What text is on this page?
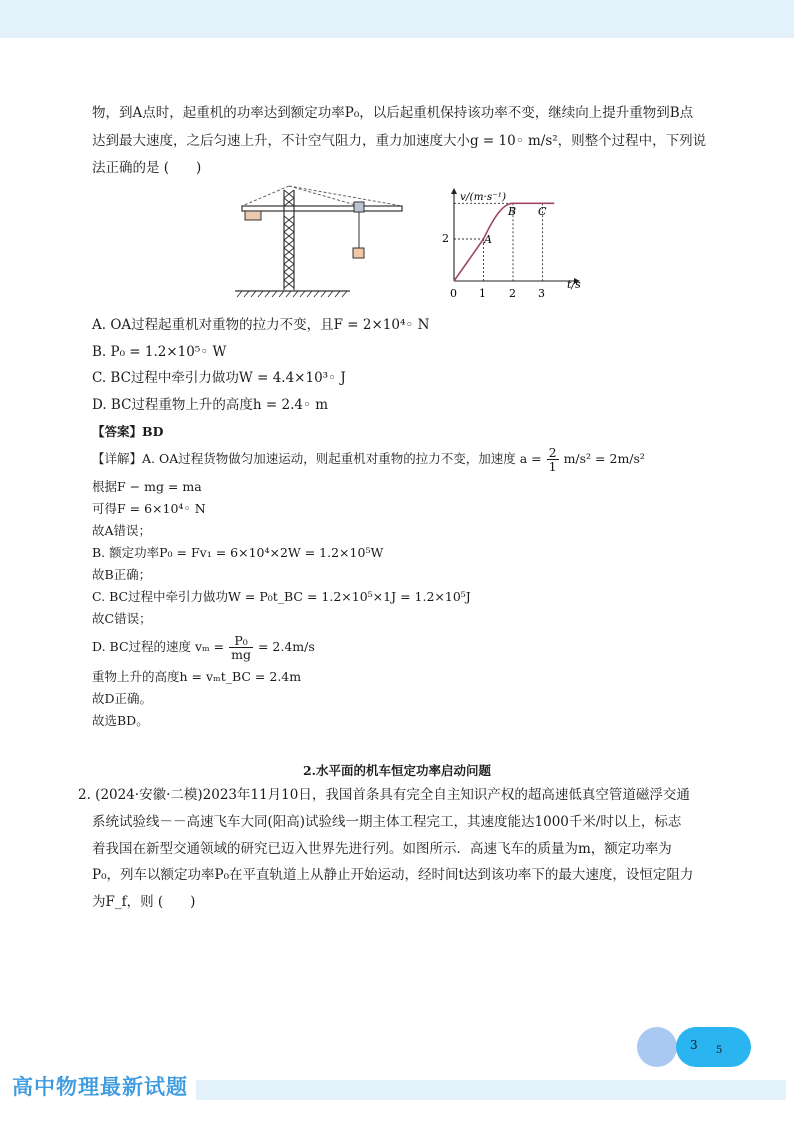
物，到A点时，起重机的功率达到额定功率P₀，以后起重机保持该功率不变，继续向上提升重物到B点
达到最大速度，之后匀速上升，不计空气阻力，重力加速度大小g = 10◦ m/s²，则整个过程中，下列说
法正确的是 (　　)
v/(m·s⁻¹)
t/s
A
B C
2
0 1 2 3
A. OA过程起重机对重物的拉力不变，且F = 2×10⁴◦ N
B. P₀ = 1.2×10⁵◦ W
C. BC过程中牵引力做功W = 4.4×10³◦ J
D. BC过程重物上升的高度h = 2.4◦ m
【答案】BD
【详解】A. OA过程货物做匀加速运动，则起重机对重物的拉力不变，加速度 $a = \frac{2}{1} m/s^2 = 2m/s^2$
根据F − mg = ma
可得F = 6×10⁴◦ N
故A错误；
B. 额定功率P₀ = Fv₁ = 6×10⁴×2W = 1.2×10⁵W
故B正确；
C. BC过程中牵引力做功W = P₀t_BC = 1.2×10⁵×1J = 1.2×10⁵J
故C错误；
D. BC过程的速度 $v_m = \frac{\text{P₀}}{mg} = 2.4m/s$
重物上升的高度h = vₘt_BC = 2.4m
故D正确。
故选BD。
2.水平面的机车恒定功率启动问题
2. (2024·安徽·二模)2023年11月10日，我国首条具有完全自主知识产权的超高速低真空管道磁浮交通
系统试验线－－高速飞车大同(阳高)试验线一期主体工程完工，其速度能达1000千米/时以上，标志
着我国在新型交通领域的研究已迈入世界先进行列。如图所示．高速飞车的质量为m，额定功率为
P₀，列车以额定功率P₀在平直轨道上从静止开始运动，经时间t达到该功率下的最大速度，设恒定阻力
为F_f，则 (　　)
3 5
高中物理最新试题
